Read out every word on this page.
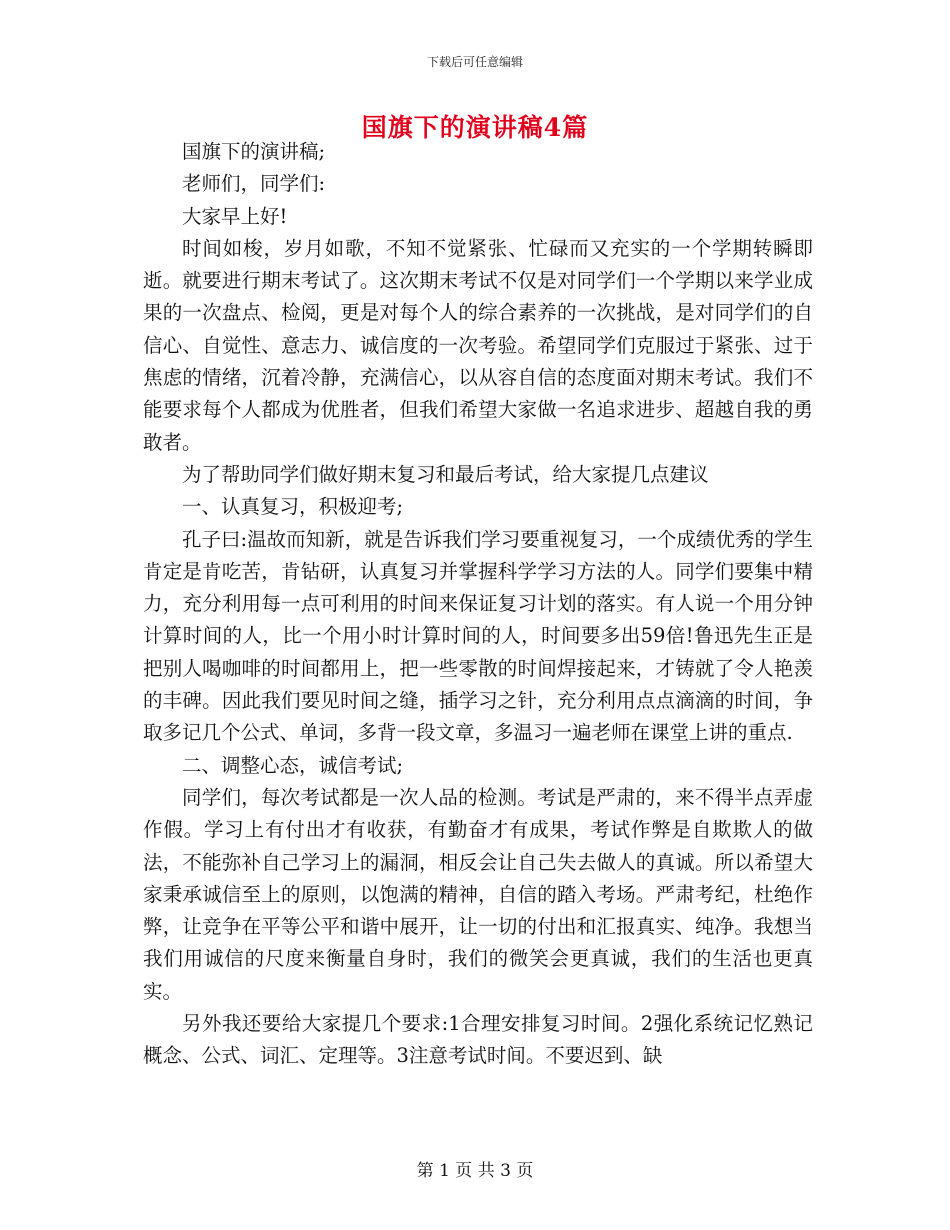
下载后可任意编辑
国旗下的演讲稿4篇

国旗下的演讲稿;

老师们，同学们:

大家早上好!

时间如梭，岁月如歌，不知不觉紧张、忙碌而又充实的一个学期转瞬即逝。就要进行期末考试了。这次期末考试不仅是对同学们一个学期以来学业成果的一次盘点、检阅，更是对每个人的综合素养的一次挑战，是对同学们的自信心、自觉性、意志力、诚信度的一次考验。希望同学们克服过于紧张、过于焦虑的情绪，沉着冷静，充满信心，以从容自信的态度面对期末考试。我们不能要求每个人都成为优胜者，但我们希望大家做一名追求进步、超越自我的勇敢者。

为了帮助同学们做好期末复习和最后考试，给大家提几点建议

一、认真复习，积极迎考;

孔子曰:温故而知新，就是告诉我们学习要重视复习，一个成绩优秀的学生肯定是肯吃苦，肯钻研，认真复习并掌握科学学习方法的人。同学们要集中精力，充分利用每一点可利用的时间来保证复习计划的落实。有人说一个用分钟计算时间的人，比一个用小时计算时间的人，时间要多出59倍!鲁迅先生正是把别人喝咖啡的时间都用上，把一些零散的时间焊接起来，才铸就了令人艳羡的丰碑。因此我们要见时间之缝，插学习之针，充分利用点点滴滴的时间，争取多记几个公式、单词，多背一段文章，多温习一遍老师在课堂上讲的重点.

二、调整心态，诚信考试;

同学们，每次考试都是一次人品的检测。考试是严肃的，来不得半点弄虚作假。学习上有付出才有收获，有勤奋才有成果，考试作弊是自欺欺人的做法，不能弥补自己学习上的漏洞，相反会让自己失去做人的真诚。所以希望大家秉承诚信至上的原则，以饱满的精神，自信的踏入考场。严肃考纪，杜绝作弊，让竞争在平等公平和谐中展开，让一切的付出和汇报真实、纯净。我想当我们用诚信的尺度来衡量自身时，我们的微笑会更真诚，我们的生活也更真实。

另外我还要给大家提几个要求:1合理安排复习时间。2强化系统记忆熟记概念、公式、词汇、定理等。3注意考试时间。不要迟到、缺

第 1 页 共 3 页
